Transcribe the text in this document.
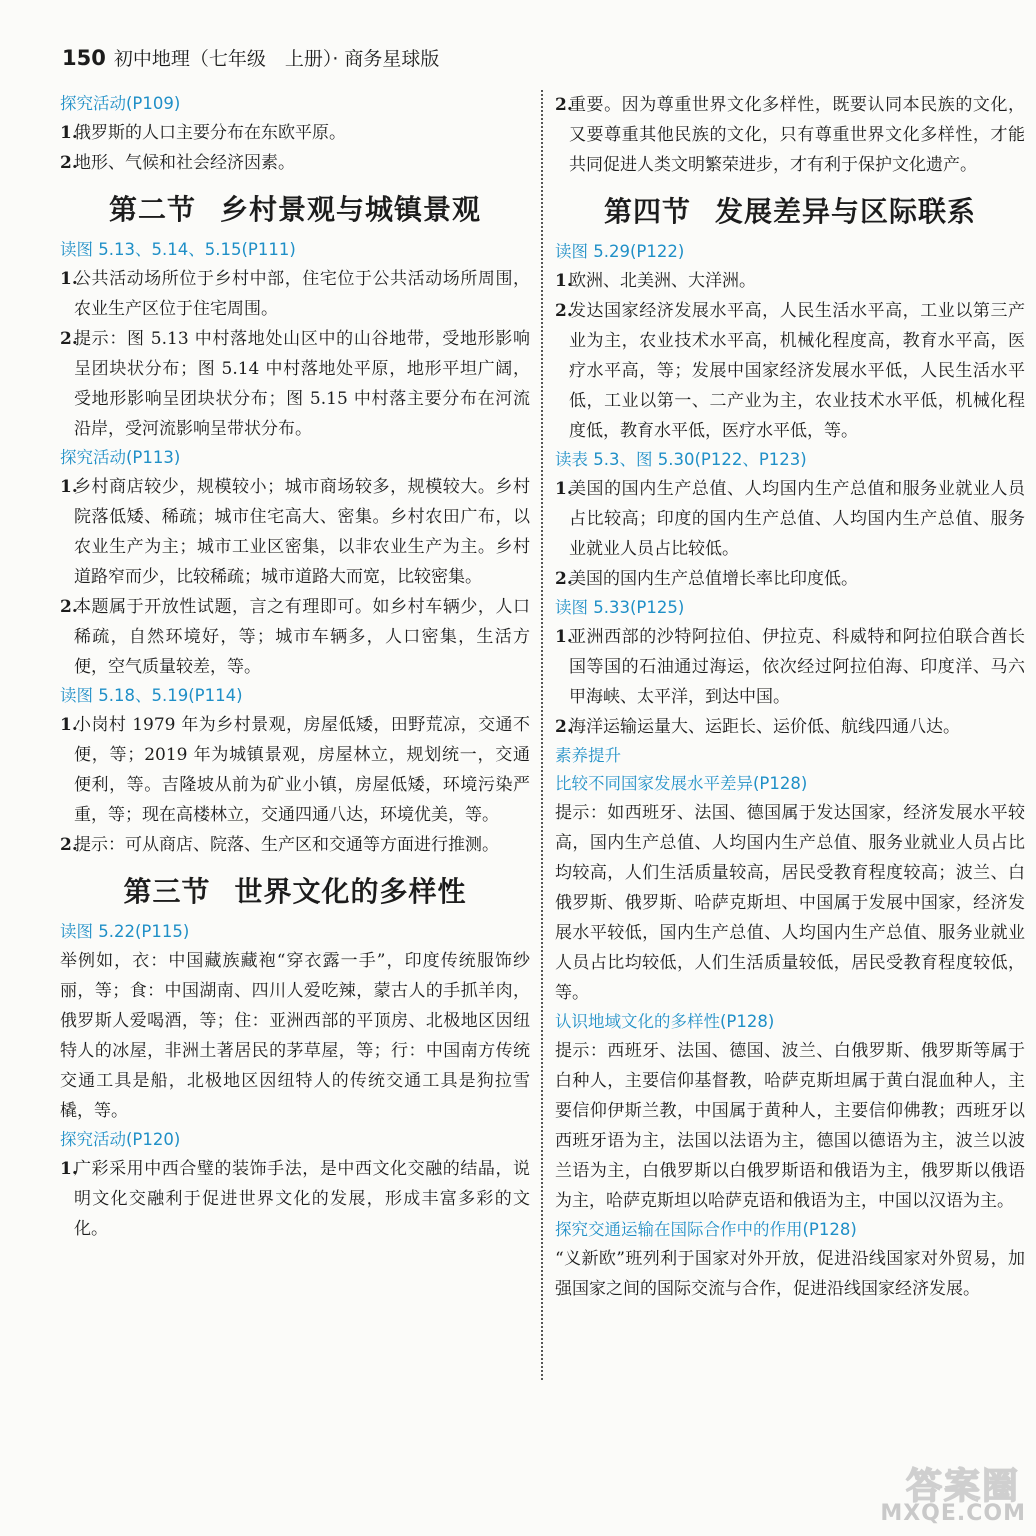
150 初中地理（七年级　上册）· 商务星球版
探究活动(P109)
1.
俄罗斯的人口主要分布在东欧平原。
2.
地形、气候和社会经济因素。
第二节 乡村景观与城镇景观
读图 5.13、5.14、5.15(P111)
1.
公共活动场所位于乡村中部，住宅位于公共活动场所周围，农业生产区位于住宅周围。
2.
提示：图 5.13 中村落地处山区中的山谷地带，受地形影响呈团块状分布；图 5.14 中村落地处平原，地形平坦广阔，受地形影响呈团块状分布；图 5.15 中村落主要分布在河流沿岸，受河流影响呈带状分布。
探究活动(P113)
1.
乡村商店较少，规模较小；城市商场较多，规模较大。乡村院落低矮、稀疏；城市住宅高大、密集。乡村农田广布，以农业生产为主；城市工业区密集，以非农业生产为主。乡村道路窄而少，比较稀疏；城市道路大而宽，比较密集。
2.
本题属于开放性试题，言之有理即可。如乡村车辆少，人口稀疏，自然环境好，等；城市车辆多，人口密集，生活方便，空气质量较差，等。
读图 5.18、5.19(P114)
1.
小岗村 1979 年为乡村景观，房屋低矮，田野荒凉，交通不便，等；2019 年为城镇景观，房屋林立，规划统一，交通便利，等。吉隆坡从前为矿业小镇，房屋低矮，环境污染严重，等；现在高楼林立，交通四通八达，环境优美，等。
2.
提示：可从商店、院落、生产区和交通等方面进行推测。
第三节 世界文化的多样性
读图 5.22(P115)

举例如，衣：中国藏族藏袍“穿衣露一手”，印度传统服饰纱丽，等；食：中国湖南、四川人爱吃辣，蒙古人的手抓羊肉，俄罗斯人爱喝酒，等；住：亚洲西部的平顶房、北极地区因纽特人的冰屋，非洲土著居民的茅草屋，等；行：中国南方传统交通工具是船，北极地区因纽特人的传统交通工具是狗拉雪橇，等。

探究活动(P120)
1.
广彩采用中西合璧的装饰手法，是中西文化交融的结晶，说明文化交融利于促进世界文化的发展，形成丰富多彩的文化。
2.
重要。因为尊重世界文化多样性，既要认同本民族的文化，又要尊重其他民族的文化，只有尊重世界文化多样性，才能共同促进人类文明繁荣进步，才有利于保护文化遗产。
第四节 发展差异与区际联系
读图 5.29(P122)
1.
欧洲、北美洲、大洋洲。
2.
发达国家经济发展水平高，人民生活水平高，工业以第三产业为主，农业技术水平高，机械化程度高，教育水平高，医疗水平高，等；发展中国家经济发展水平低，人民生活水平低，工业以第一、二产业为主，农业技术水平低，机械化程度低，教育水平低，医疗水平低，等。
读表 5.3、图 5.30(P122、P123)
1.
美国的国内生产总值、人均国内生产总值和服务业就业人员占比较高；印度的国内生产总值、人均国内生产总值、服务业就业人员占比较低。
2.
美国的国内生产总值增长率比印度低。
读图 5.33(P125)
1.
亚洲西部的沙特阿拉伯、伊拉克、科威特和阿拉伯联合酋长国等国的石油通过海运，依次经过阿拉伯海、印度洋、马六甲海峡、太平洋，到达中国。
2.
海洋运输运量大、运距长、运价低、航线四通八达。
素养提升
比较不同国家发展水平差异(P128)

提示：如西班牙、法国、德国属于发达国家，经济发展水平较高，国内生产总值、人均国内生产总值、服务业就业人员占比均较高，人们生活质量较高，居民受教育程度较高；波兰、白俄罗斯、俄罗斯、哈萨克斯坦、中国属于发展中国家，经济发展水平较低，国内生产总值、人均国内生产总值、服务业就业人员占比均较低，人们生活质量较低，居民受教育程度较低，等。

认识地域文化的多样性(P128)

提示：西班牙、法国、德国、波兰、白俄罗斯、俄罗斯等属于白种人，主要信仰基督教，哈萨克斯坦属于黄白混血种人，主要信仰伊斯兰教，中国属于黄种人，主要信仰佛教；西班牙以西班牙语为主，法国以法语为主，德国以德语为主，波兰以波兰语为主，白俄罗斯以白俄罗斯语和俄语为主，俄罗斯以俄语为主，哈萨克斯坦以哈萨克语和俄语为主，中国以汉语为主。

探究交通运输在国际合作中的作用(P128)

“义新欧”班列利于国家对外开放，促进沿线国家对外贸易，加强国家之间的国际交流与合作，促进沿线国家经济发展。

答案圈
MXQE.COM
